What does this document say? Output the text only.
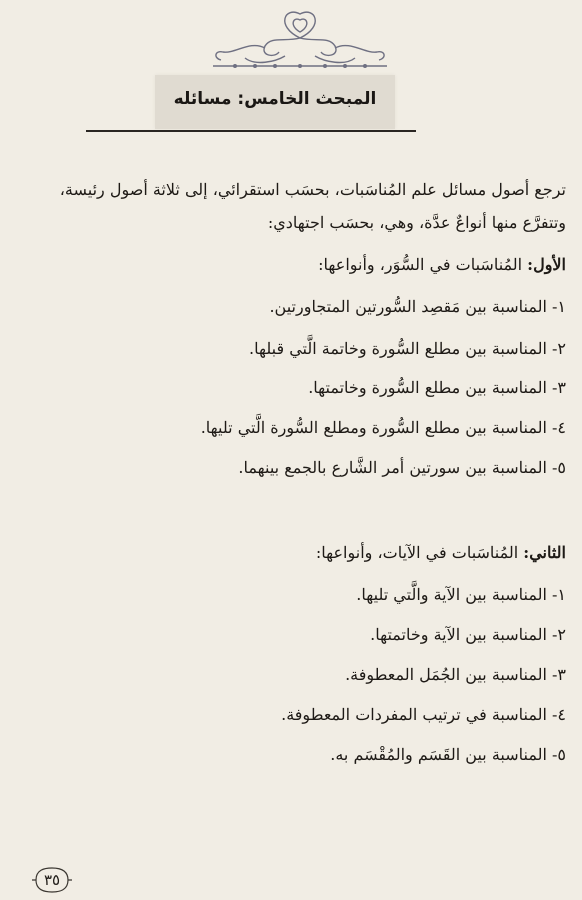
المبحث الخامس: مسائله
ترجع أصول مسائل علم المُناسَبات، بحسَب استقرائي، إلى ثلاثة أصول رئيسة،
وتتفرَّع منها أنواعٌ عدَّة، وهي، بحسَب اجتهادي:
الأول: المُناسَبات في السُّوَر، وأنواعها:
١- المناسبة بين مَقصِد السُّورتين المتجاورتين.
٢- المناسبة بين مطلع السُّورة وخاتمة الَّتي قبلها.
٣- المناسبة بين مطلع السُّورة وخاتمتها.
٤- المناسبة بين مطلع السُّورة ومطلع السُّورة الَّتي تليها.
٥- المناسبة بين سورتين أمر الشَّارع بالجمع بينهما.
الثاني: المُناسَبات في الآيات، وأنواعها:
١- المناسبة بين الآية والَّتي تليها.
٢- المناسبة بين الآية وخاتمتها.
٣- المناسبة بين الجُمَل المعطوفة.
٤- المناسبة في ترتيب المفردات المعطوفة.
٥- المناسبة بين القَسَم والمُقْسَم به.
٣٥
